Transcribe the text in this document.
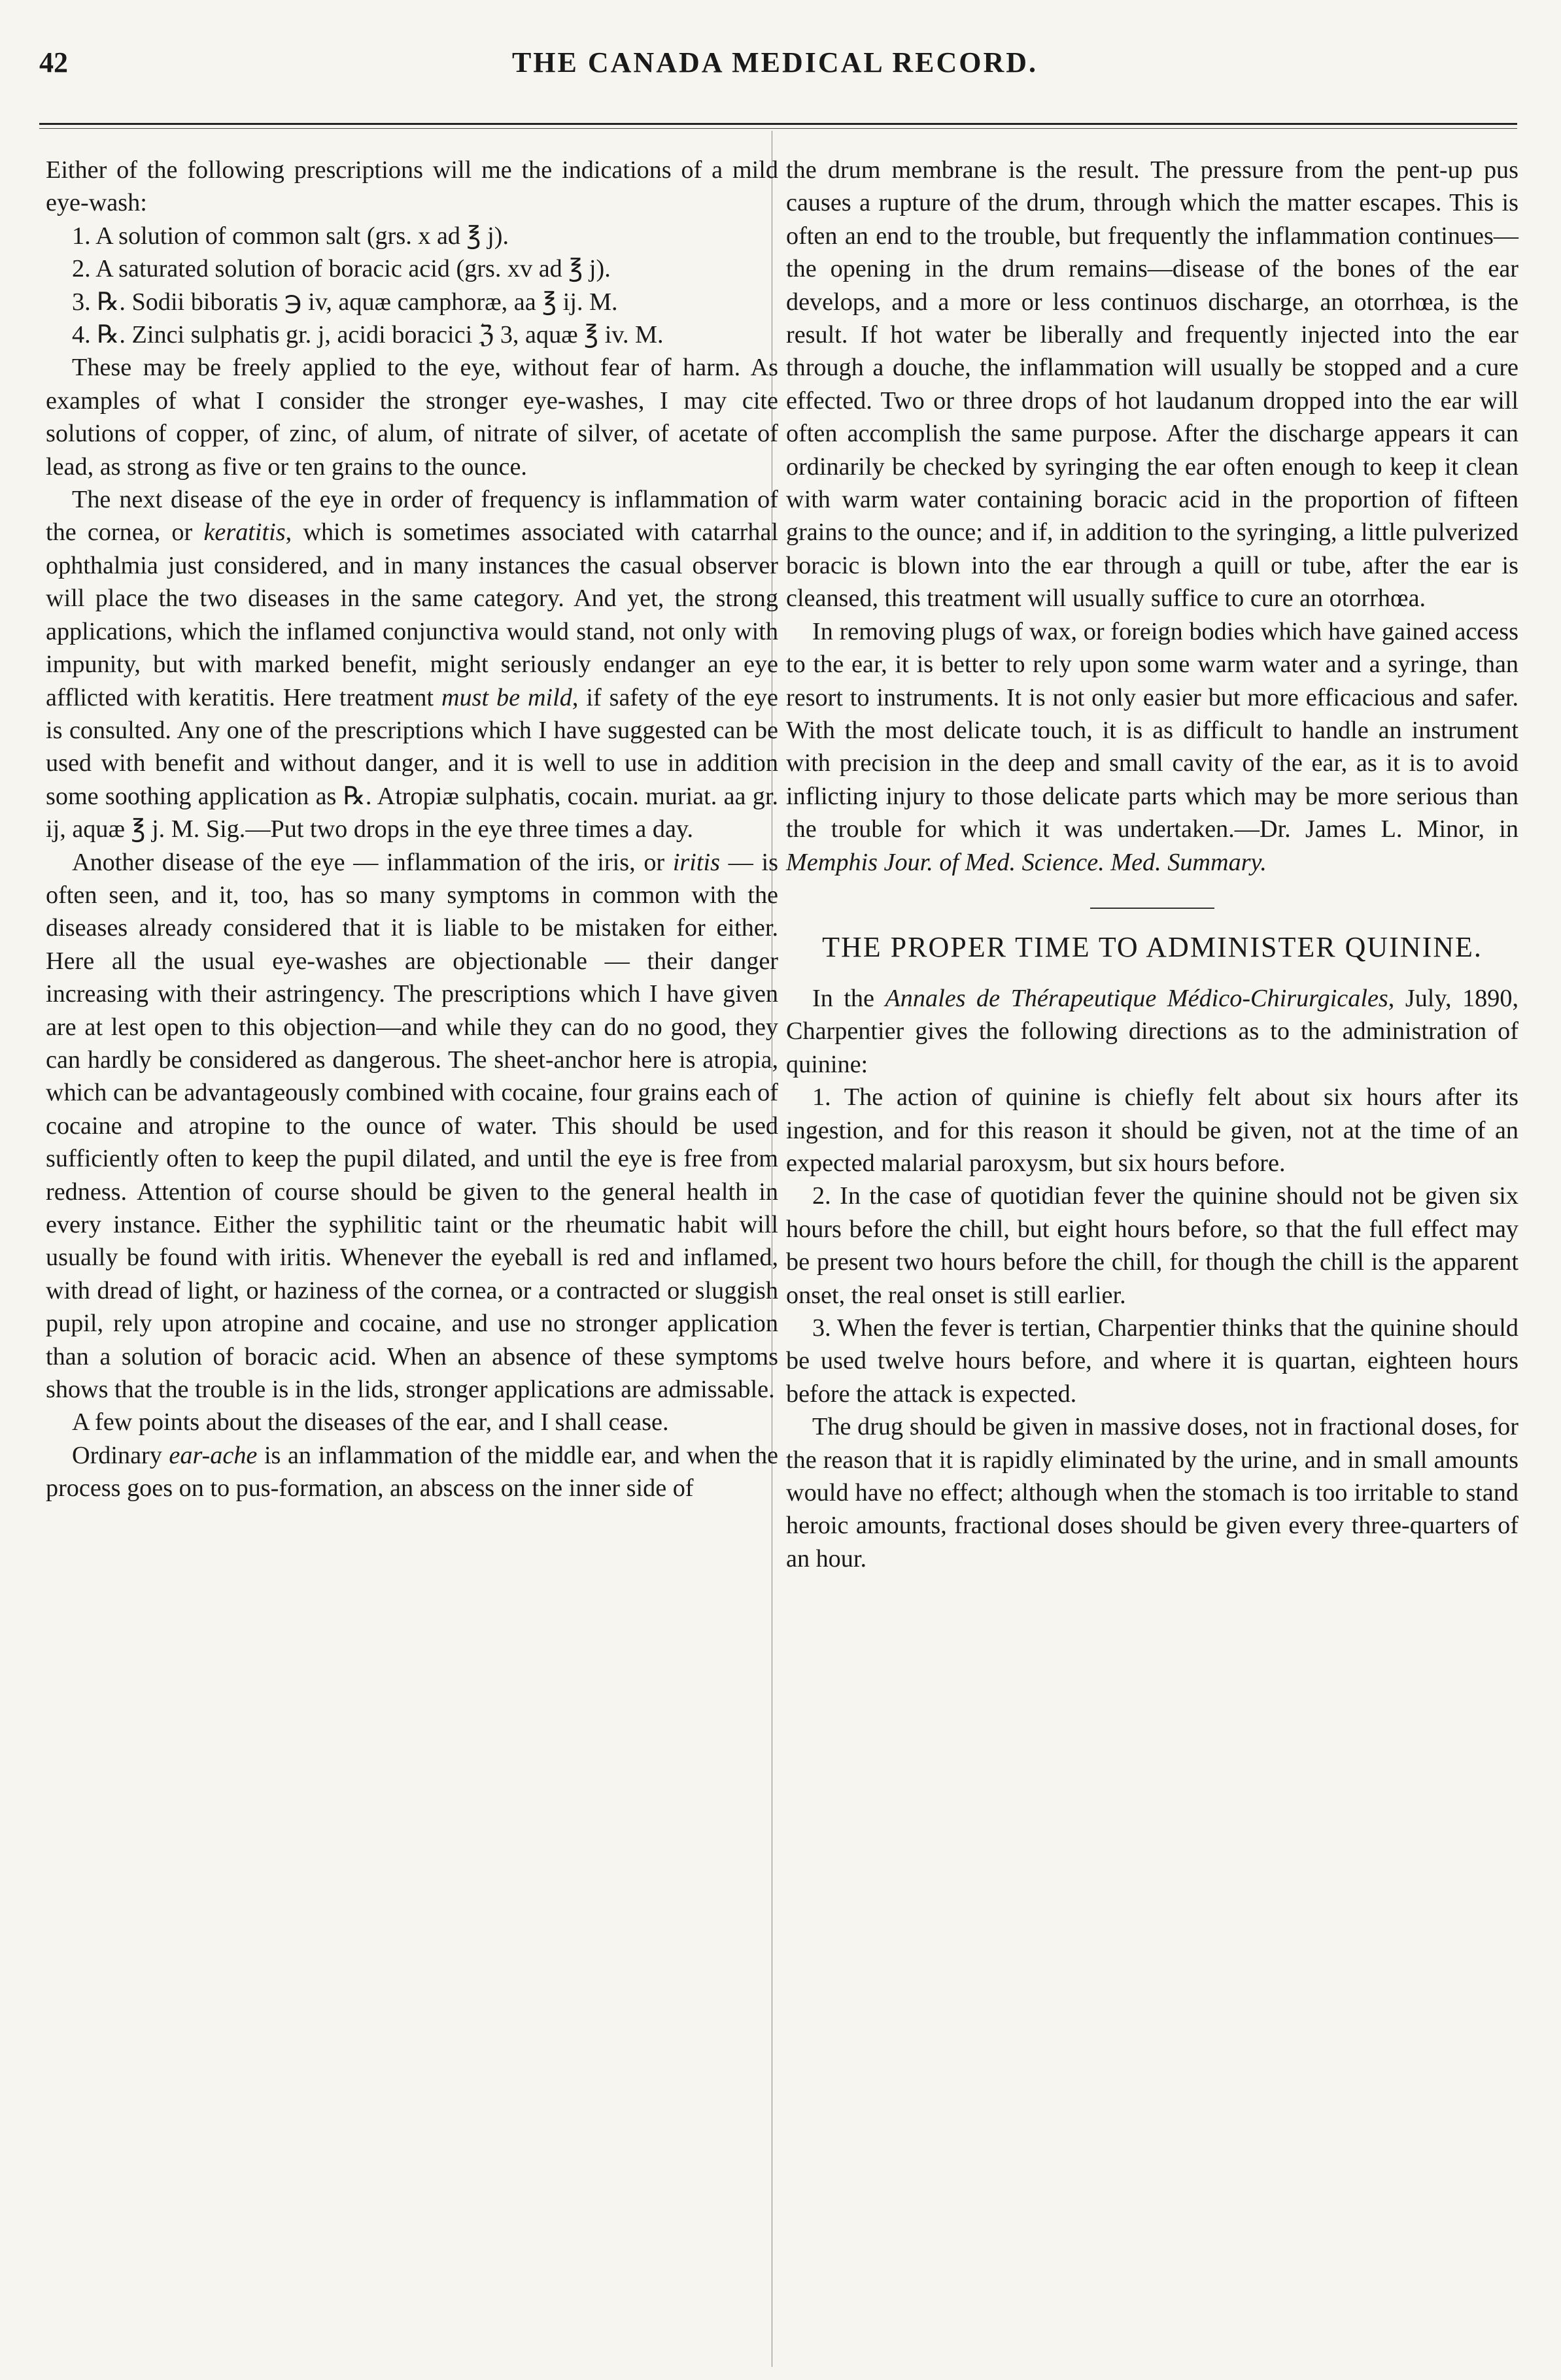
42	THE CANADA MEDICAL RECORD.

Either of the following prescriptions will me the indications of a mild eye-wash:

1. A solution of common salt (grs. x ad ℥ j).

2. A saturated solution of boracic acid (grs. xv ad ℥ j).

3. ℞. Sodii biboratis ℈ iv, aquæ camphoræ, aa ℥ ij. M.

4. ℞. Zinci sulphatis gr. j, acidi boracici ℨ 3, aquæ ℥ iv. M.

These may be freely applied to the eye, without fear of harm. As examples of what I consider the stronger eye-washes, I may cite solutions of copper, of zinc, of alum, of nitrate of silver, of acetate of lead, as strong as five or ten grains to the ounce.

The next disease of the eye in order of frequency is inflammation of the cornea, or keratitis, which is sometimes associated with catarrhal ophthalmia just considered, and in many instances the casual observer will place the two diseases in the same category. And yet, the strong applications, which the inflamed conjunctiva would stand, not only with impunity, but with marked benefit, might seriously endanger an eye afflicted with keratitis. Here treatment must be mild, if safety of the eye is consulted. Any one of the prescriptions which I have suggested can be used with benefit and without danger, and it is well to use in addition some soothing application as ℞. Atropiæ sulphatis, cocain. muriat. aa gr. ij, aquæ ℥ j. M. Sig.—Put two drops in the eye three times a day.

Another disease of the eye — inflammation of the iris, or iritis — is often seen, and it, too, has so many symptoms in common with the diseases already considered that it is liable to be mistaken for either. Here all the usual eye-washes are objectionable — their danger increasing with their astringency. The prescriptions which I have given are at lest open to this objection—and while they can do no good, they can hardly be considered as dangerous. The sheet-anchor here is atropia, which can be advantageously combined with cocaine, four grains each of cocaine and atropine to the ounce of water. This should be used sufficiently often to keep the pupil dilated, and until the eye is free from redness. Attention of course should be given to the general health in every instance. Either the syphilitic taint or the rheumatic habit will usually be found with iritis. Whenever the eyeball is red and inflamed, with dread of light, or haziness of the cornea, or a contracted or sluggish pupil, rely upon atropine and cocaine, and use no stronger application than a solution of boracic acid. When an absence of these symptoms shows that the trouble is in the lids, stronger applications are admissable.

A few points about the diseases of the ear, and I shall cease.

Ordinary ear-ache is an inflammation of the middle ear, and when the process goes on to pus-formation, an abscess on the inner side of

the drum membrane is the result. The pressure from the pent-up pus causes a rupture of the drum, through which the matter escapes. This is often an end to the trouble, but frequently the inflammation continues—the opening in the drum remains—disease of the bones of the ear develops, and a more or less continuos discharge, an otorrhœa, is the result. If hot water be liberally and frequently injected into the ear through a douche, the inflammation will usually be stopped and a cure effected. Two or three drops of hot laudanum dropped into the ear will often accomplish the same purpose. After the discharge appears it can ordinarily be checked by syringing the ear often enough to keep it clean with warm water containing boracic acid in the proportion of fifteen grains to the ounce; and if, in addition to the syringing, a little pulverized boracic is blown into the ear through a quill or tube, after the ear is cleansed, this treatment will usually suffice to cure an otorrhœa.

In removing plugs of wax, or foreign bodies which have gained access to the ear, it is better to rely upon some warm water and a syringe, than resort to instruments. It is not only easier but more efficacious and safer. With the most delicate touch, it is as difficult to handle an instrument with precision in the deep and small cavity of the ear, as it is to avoid inflicting injury to those delicate parts which may be more serious than the trouble for which it was undertaken.—Dr. James L. Minor, in Memphis Jour. of Med. Science. Med. Summary.

THE PROPER TIME TO ADMINISTER QUININE.

In the Annales de Thérapeutique Médico-Chirurgicales, July, 1890, Charpentier gives the following directions as to the administration of quinine:

1. The action of quinine is chiefly felt about six hours after its ingestion, and for this reason it should be given, not at the time of an expected malarial paroxysm, but six hours before.

2. In the case of quotidian fever the quinine should not be given six hours before the chill, but eight hours before, so that the full effect may be present two hours before the chill, for though the chill is the apparent onset, the real onset is still earlier.

3. When the fever is tertian, Charpentier thinks that the quinine should be used twelve hours before, and where it is quartan, eighteen hours before the attack is expected.

The drug should be given in massive doses, not in fractional doses, for the reason that it is rapidly eliminated by the urine, and in small amounts would have no effect; although when the stomach is too irritable to stand heroic amounts, fractional doses should be given every three-quarters of an hour.
